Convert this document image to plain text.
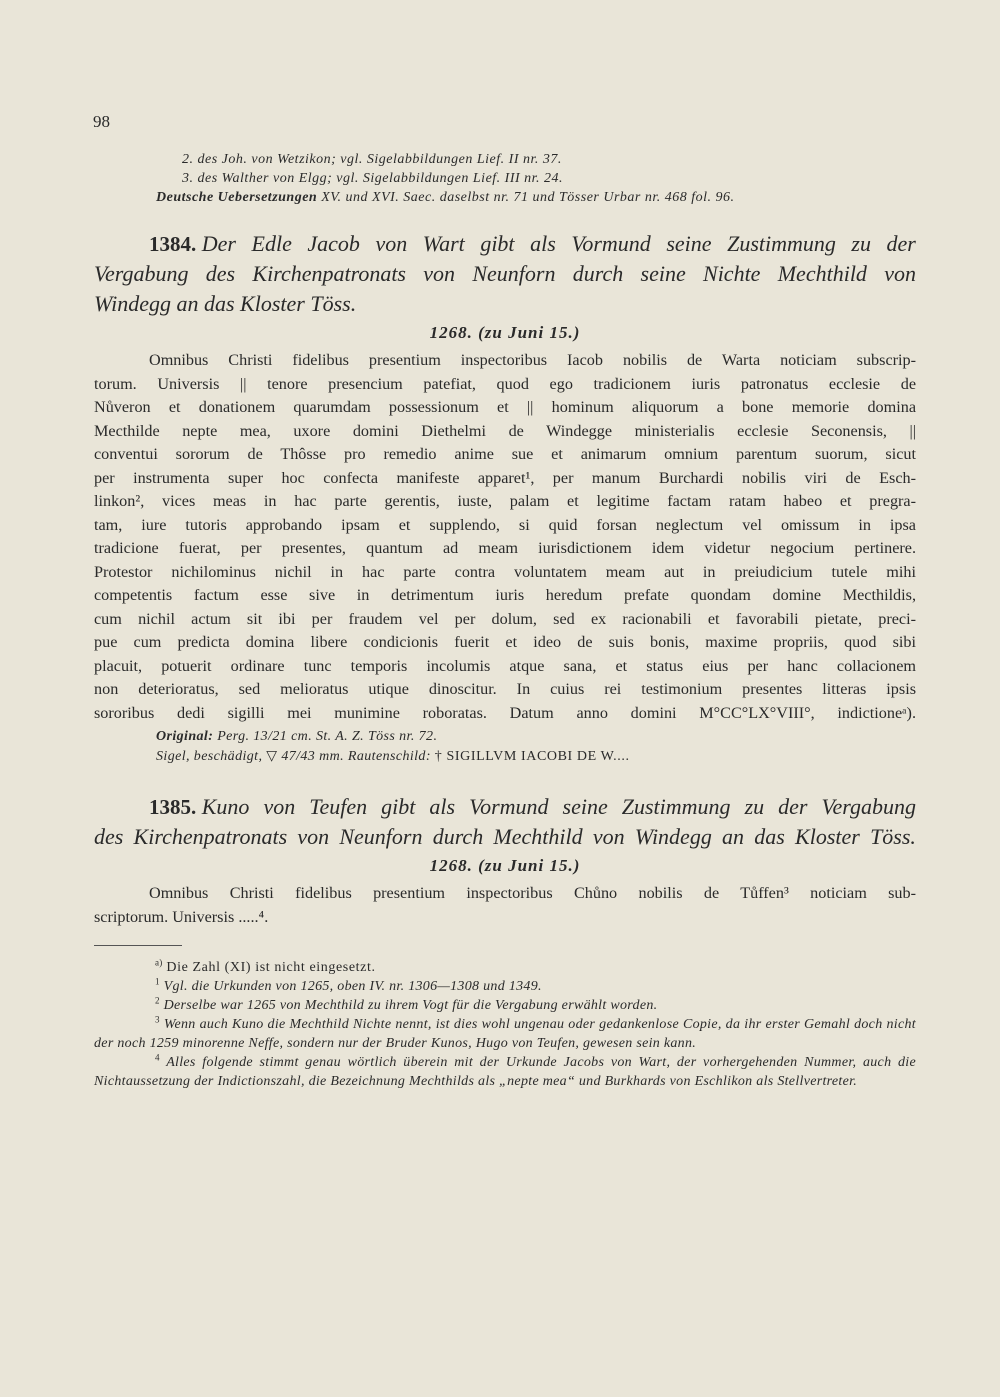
98
2. des Joh. von Wetzikon; vgl. Sigelabbildungen Lief. II nr. 37.
3. des Walther von Elgg; vgl. Sigelabbildungen Lief. III nr. 24.
Deutsche Uebersetzungen XV. und XVI. Saec. daselbst nr. 71 und Tösser Urbar nr. 468 fol. 96.
1384. Der Edle Jacob von Wart gibt als Vormund seine Zustimmung zu der
Vergabung des Kirchenpatronats von Neunforn durch seine Nichte Mechthild von
Windegg an das Kloster Töss.
1268. (zu Juni 15.)
Omnibus Christi fidelibus presentium inspectoribus Iacob nobilis de Warta noticiam subscrip-
torum. Universis || tenore presencium patefiat, quod ego tradicionem iuris patronatus ecclesie de
Nůveron et donationem quarumdam possessionum et || hominum aliquorum a bone memorie domina
Mecthilde nepte mea, uxore domini Diethelmi de Windegge ministerialis ecclesie Seconensis, ||
conventui sororum de Thôsse pro remedio anime sue et animarum omnium parentum suorum, sicut
per instrumenta super hoc confecta manifeste apparet¹, per manum Burchardi nobilis viri de Esch-
linkon², vices meas in hac parte gerentis, iuste, palam et legitime factam ratam habeo et pregra-
tam, iure tutoris approbando ipsam et supplendo, si quid forsan neglectum vel omissum in ipsa
tradicione fuerat, per presentes, quantum ad meam iurisdictionem idem videtur negocium pertinere.
Protestor nichilominus nichil in hac parte contra voluntatem meam aut in preiudicium tutele mihi
competentis factum esse sive in detrimentum iuris heredum prefate quondam domine Mecthildis,
cum nichil actum sit ibi per fraudem vel per dolum, sed ex racionabili et favorabili pietate, preci-
pue cum predicta domina libere condicionis fuerit et ideo de suis bonis, maxime propriis, quod sibi
placuit, potuerit ordinare tunc temporis incolumis atque sana, et status eius per hanc collacionem
non deterioratus, sed melioratus utique dinoscitur. In cuius rei testimonium presentes litteras ipsis
sororibus dedi sigilli mei munimine roboratas. Datum anno domini M°CC°LX°VIII°, indictioneᵃ).
Original: Perg. 13/21 cm. St. A. Z. Töss nr. 72.
Sigel, beschädigt, ▽ 47/43 mm. Rautenschild: † SIGILLVM IACOBI DE W....
1385. Kuno von Teufen gibt als Vormund seine Zustimmung zu der Vergabung
des Kirchenpatronats von Neunforn durch Mechthild von Windegg an das Kloster Töss.
1268. (zu Juni 15.)
Omnibus Christi fidelibus presentium inspectoribus Chůno nobilis de Tůffen³ noticiam sub-
scriptorum. Universis .....⁴.
$^{a)}$ Die Zahl (XI) ist nicht eingesetzt.
$^1$ Vgl. die Urkunden von 1265, oben IV. nr. 1306—1308 und 1349.
$^2$ Derselbe war 1265 von Mechthild zu ihrem Vogt für die Vergabung erwählt worden.
$^3$ Wenn auch Kuno die Mechthild Nichte nennt, ist dies wohl ungenau oder gedankenlose Copie, da ihr erster Gemahl doch nicht der noch 1259 minorenne Neffe, sondern nur der Bruder Kunos, Hugo von Teufen, gewesen sein kann.
$^4$ Alles folgende stimmt genau wörtlich überein mit der Urkunde Jacobs von Wart, der vorhergehenden Nummer, auch die Nichtaussetzung der Indictionszahl, die Bezeichnung Mechthilds als „nepte mea“ und Burkhards von Eschlikon als Stellvertreter.
